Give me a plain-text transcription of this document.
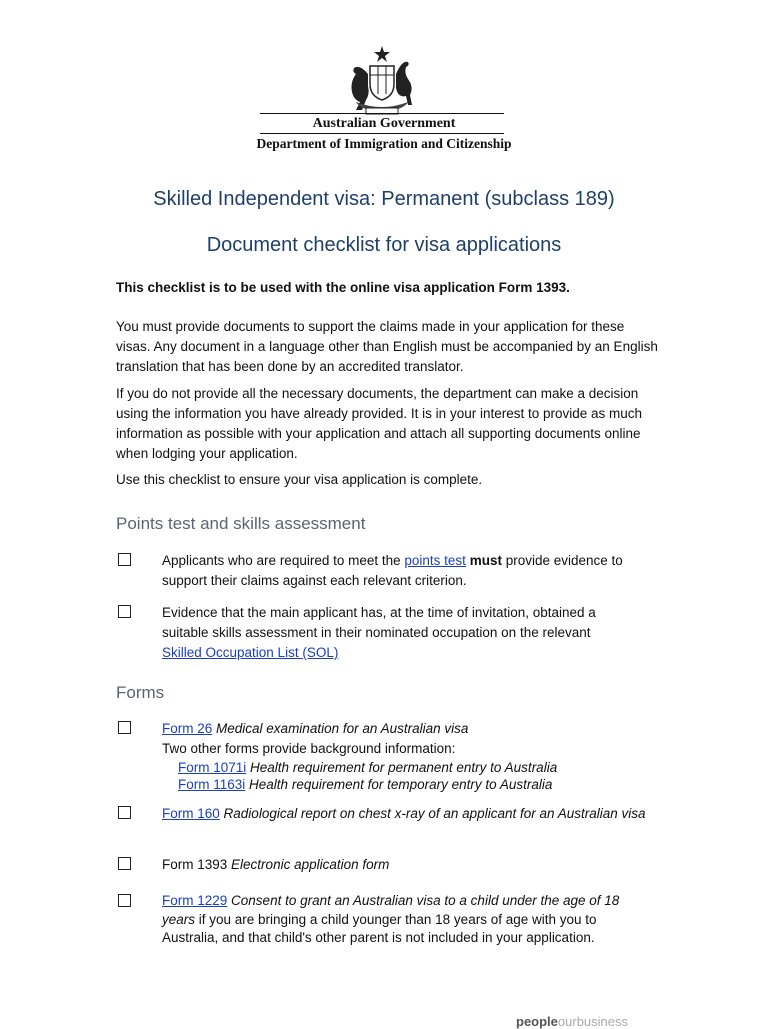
Australian Government
Department of Immigration and Citizenship
Skilled Independent visa: Permanent (subclass 189)
Document checklist for visa applications
This checklist is to be used with the online visa application Form 1393.
You must provide documents to support the claims made in your application for these visas. Any document in a language other than English must be accompanied by an English translation that has been done by an accredited translator.
If you do not provide all the necessary documents, the department can make a decision using the information you have already provided. It is in your interest to provide as much information as possible with your application and attach all supporting documents online when lodging your application.
Use this checklist to ensure your visa application is complete.
Points test and skills assessment
Applicants who are required to meet the points test must provide evidence to support their claims against each relevant criterion.
Evidence that the main applicant has, at the time of invitation, obtained a suitable skills assessment in their nominated occupation on the relevant
Skilled Occupation List (SOL)
Forms
Form 26 Medical examination for an Australian visa
Two other forms provide background information:

Form 1071i Health requirement for permanent entry to Australia
Form 1163i Health requirement for temporary entry to Australia
Form 160 Radiological report on chest x-ray of an applicant for an Australian visa
Form 1393 Electronic application form
Form 1229 Consent to grant an Australian visa to a child under the age of 18 years if you are bringing a child younger than 18 years of age with you to Australia, and that child's other parent is not included in your application.
peopleourbusiness
